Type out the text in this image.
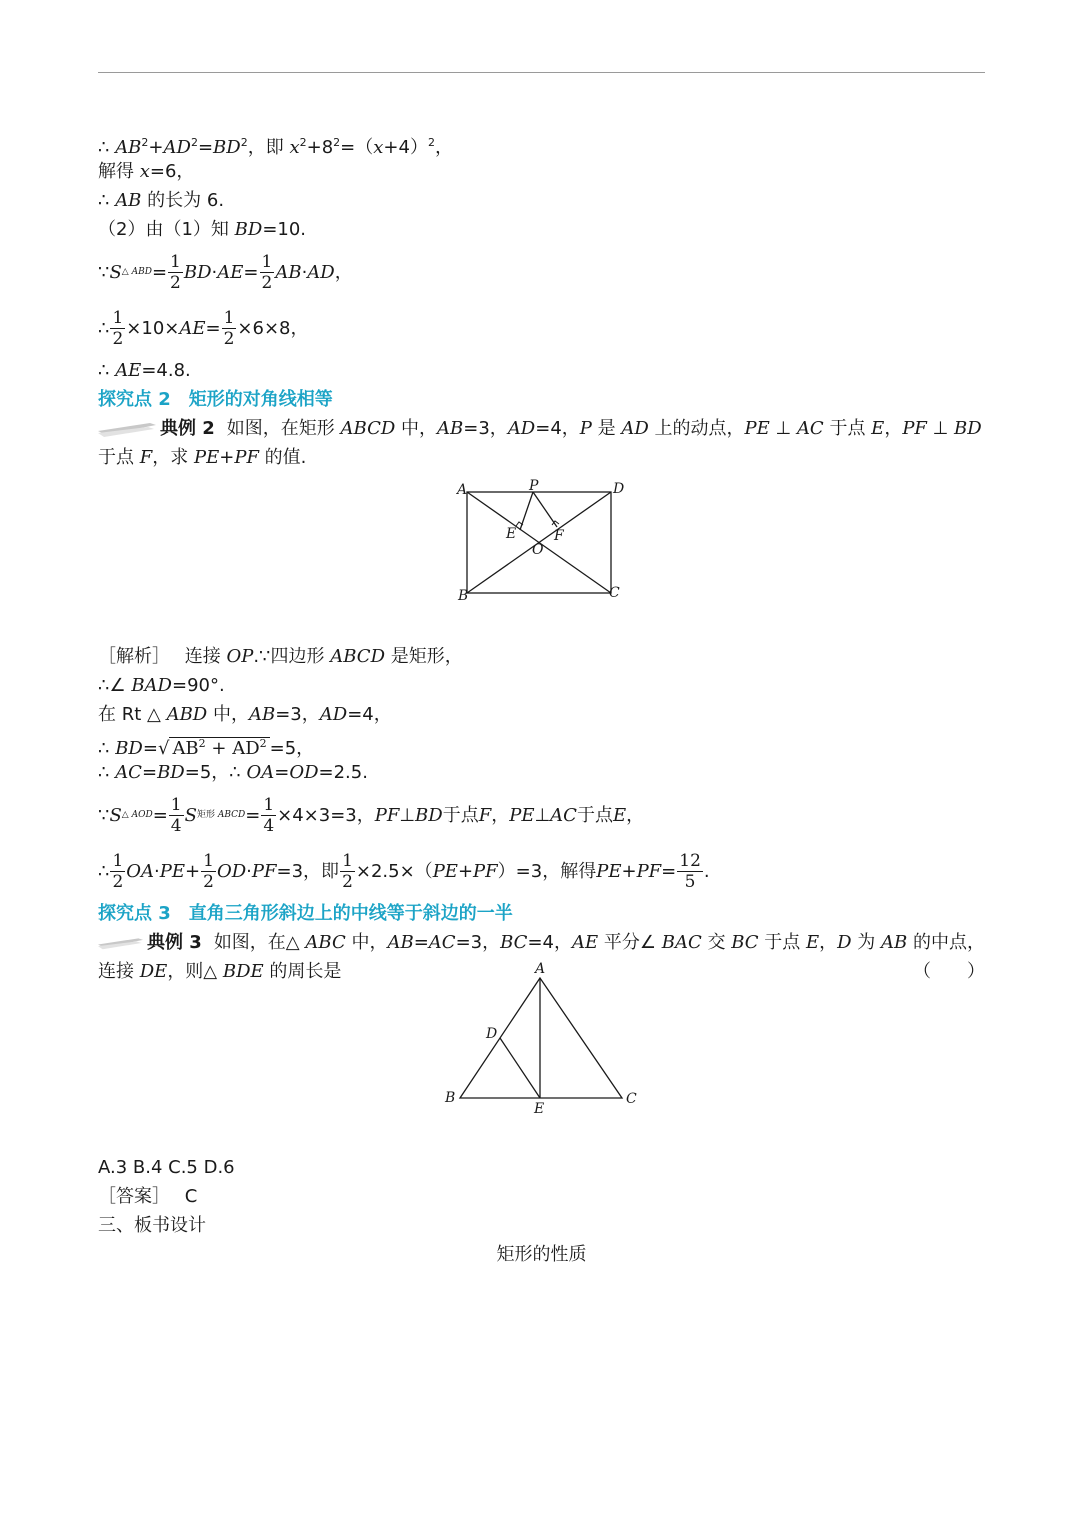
∴ $AB^2+AD^2=BD^2$，即 $x^2+8^2=(x+4)^2$，
解得 x=6，
∴ AB 的长为 6.
（2）由（1）知 BD=10.
∵ S △ ABD = $\frac{1}{2}$ BD · AE = $\frac{1}{2}$ AB · AD ，
∴ $\frac{1}{2} \times 10\times$ AE = $\frac{1}{2} \times 6\times 8$，
∴ AE=4.8.
探究点 2　矩形的对角线相等
典例 2 如图，在矩形 ABCD 中，AB=3，AD=4，P 是 AD 上的动点，PE ⊥ AC 于点 E，PF ⊥ BD
于点 F，求 PE+PF 的值.
［解析］　 连接 OP.∵四边形 ABCD 是矩形，
∴∠ BAD=90°.
在 Rt △ ABD 中，AB=3，AD=4，
∴ BD=√ $AB^2 + AD^2 =5$，
∴ AC=BD=5，∴ OA=OD=2.5.
∵ S △ AOD = $\frac{1}{4}$ S 矩形 ABCD = $\frac{1}{4} \times 4\times 3=3$， PF ⊥ BD 于点 F ， PE ⊥ AC 于点 E ，
∴ $\frac{1}{2}$ OA · PE + $\frac{1}{2}$ OD · PF =3，即 $\frac{1}{2} \times 2.5\times$（ PE + PF ）=3，解得 PE + PF = $\frac{12}{5}$ .
探究点 3　直角三角形斜边上的中线等于斜边的一半
典例 3 如图，在△ ABC 中，AB=AC=3，BC=4，AE 平分∠ BAC 交 BC 于点 E，D 为 AB 的中点，
连接 DE，则△ BDE 的周长是	（　　）
A.3 B.4 C.5 D.6
［答案］　 C
三、板书设计
矩形的性质
A	P	D
E	F
O
B	C
A
D
B
E
C
